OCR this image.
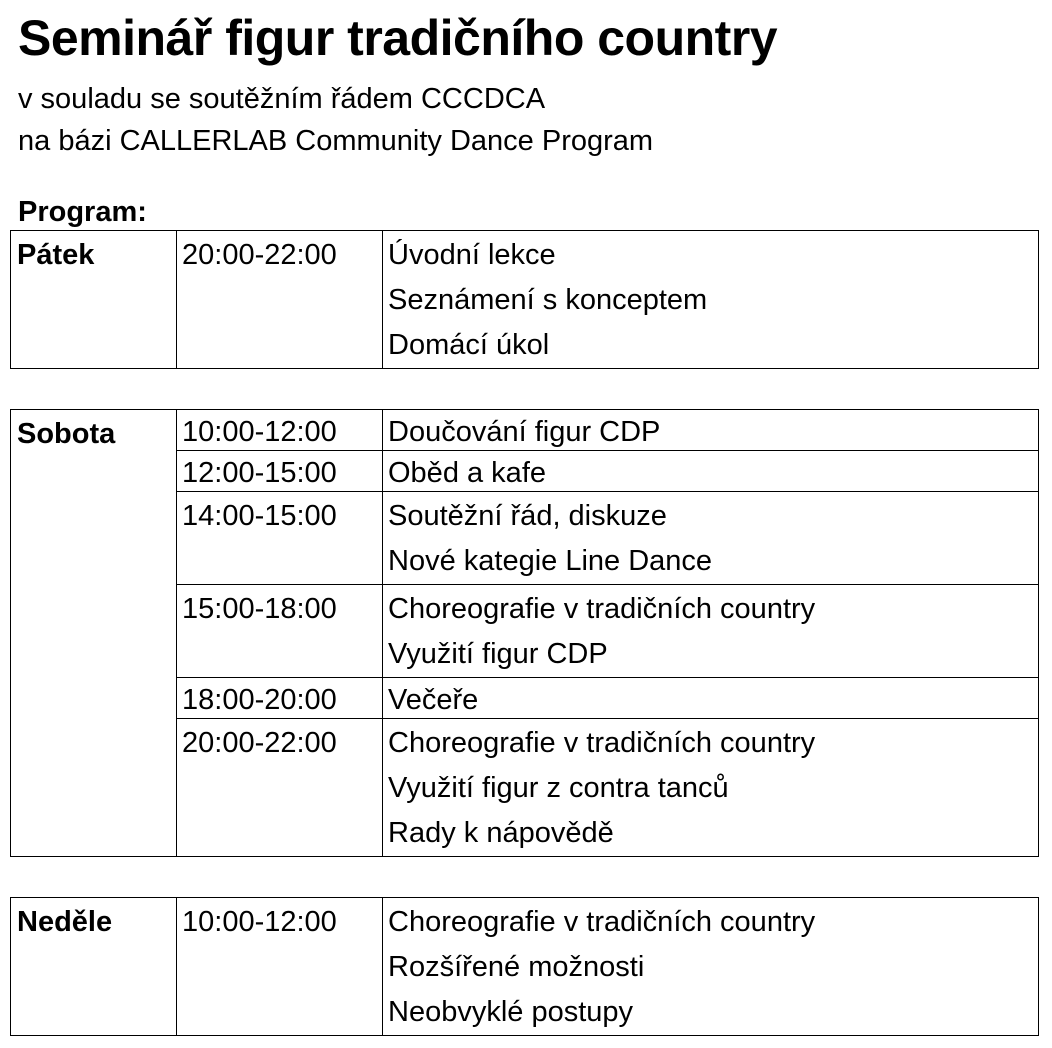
Seminář figur tradičního country
v souladu se soutěžním řádem CCCDCA
na bázi CALLERLAB Community Dance Program
Program:
Pátek	20:00-22:00	Úvodní lekce
Seznámení s konceptem
Domácí úkol
Sobota	10:00-12:00	Doučování figur CDP

	12:00-15:00	Oběd a kafe

	14:00-15:00	Soutěžní řád, diskuze
Nové kategie Line Dance

	15:00-18:00	Choreografie v tradičních country
Využití figur CDP

	18:00-20:00	Večeře

	20:00-22:00	Choreografie v tradičních country
Využití figur z contra tanců
Rady k nápovědě
Neděle	10:00-12:00	Choreografie v tradičních country
Rozšířené možnosti
Neobvyklé postupy
